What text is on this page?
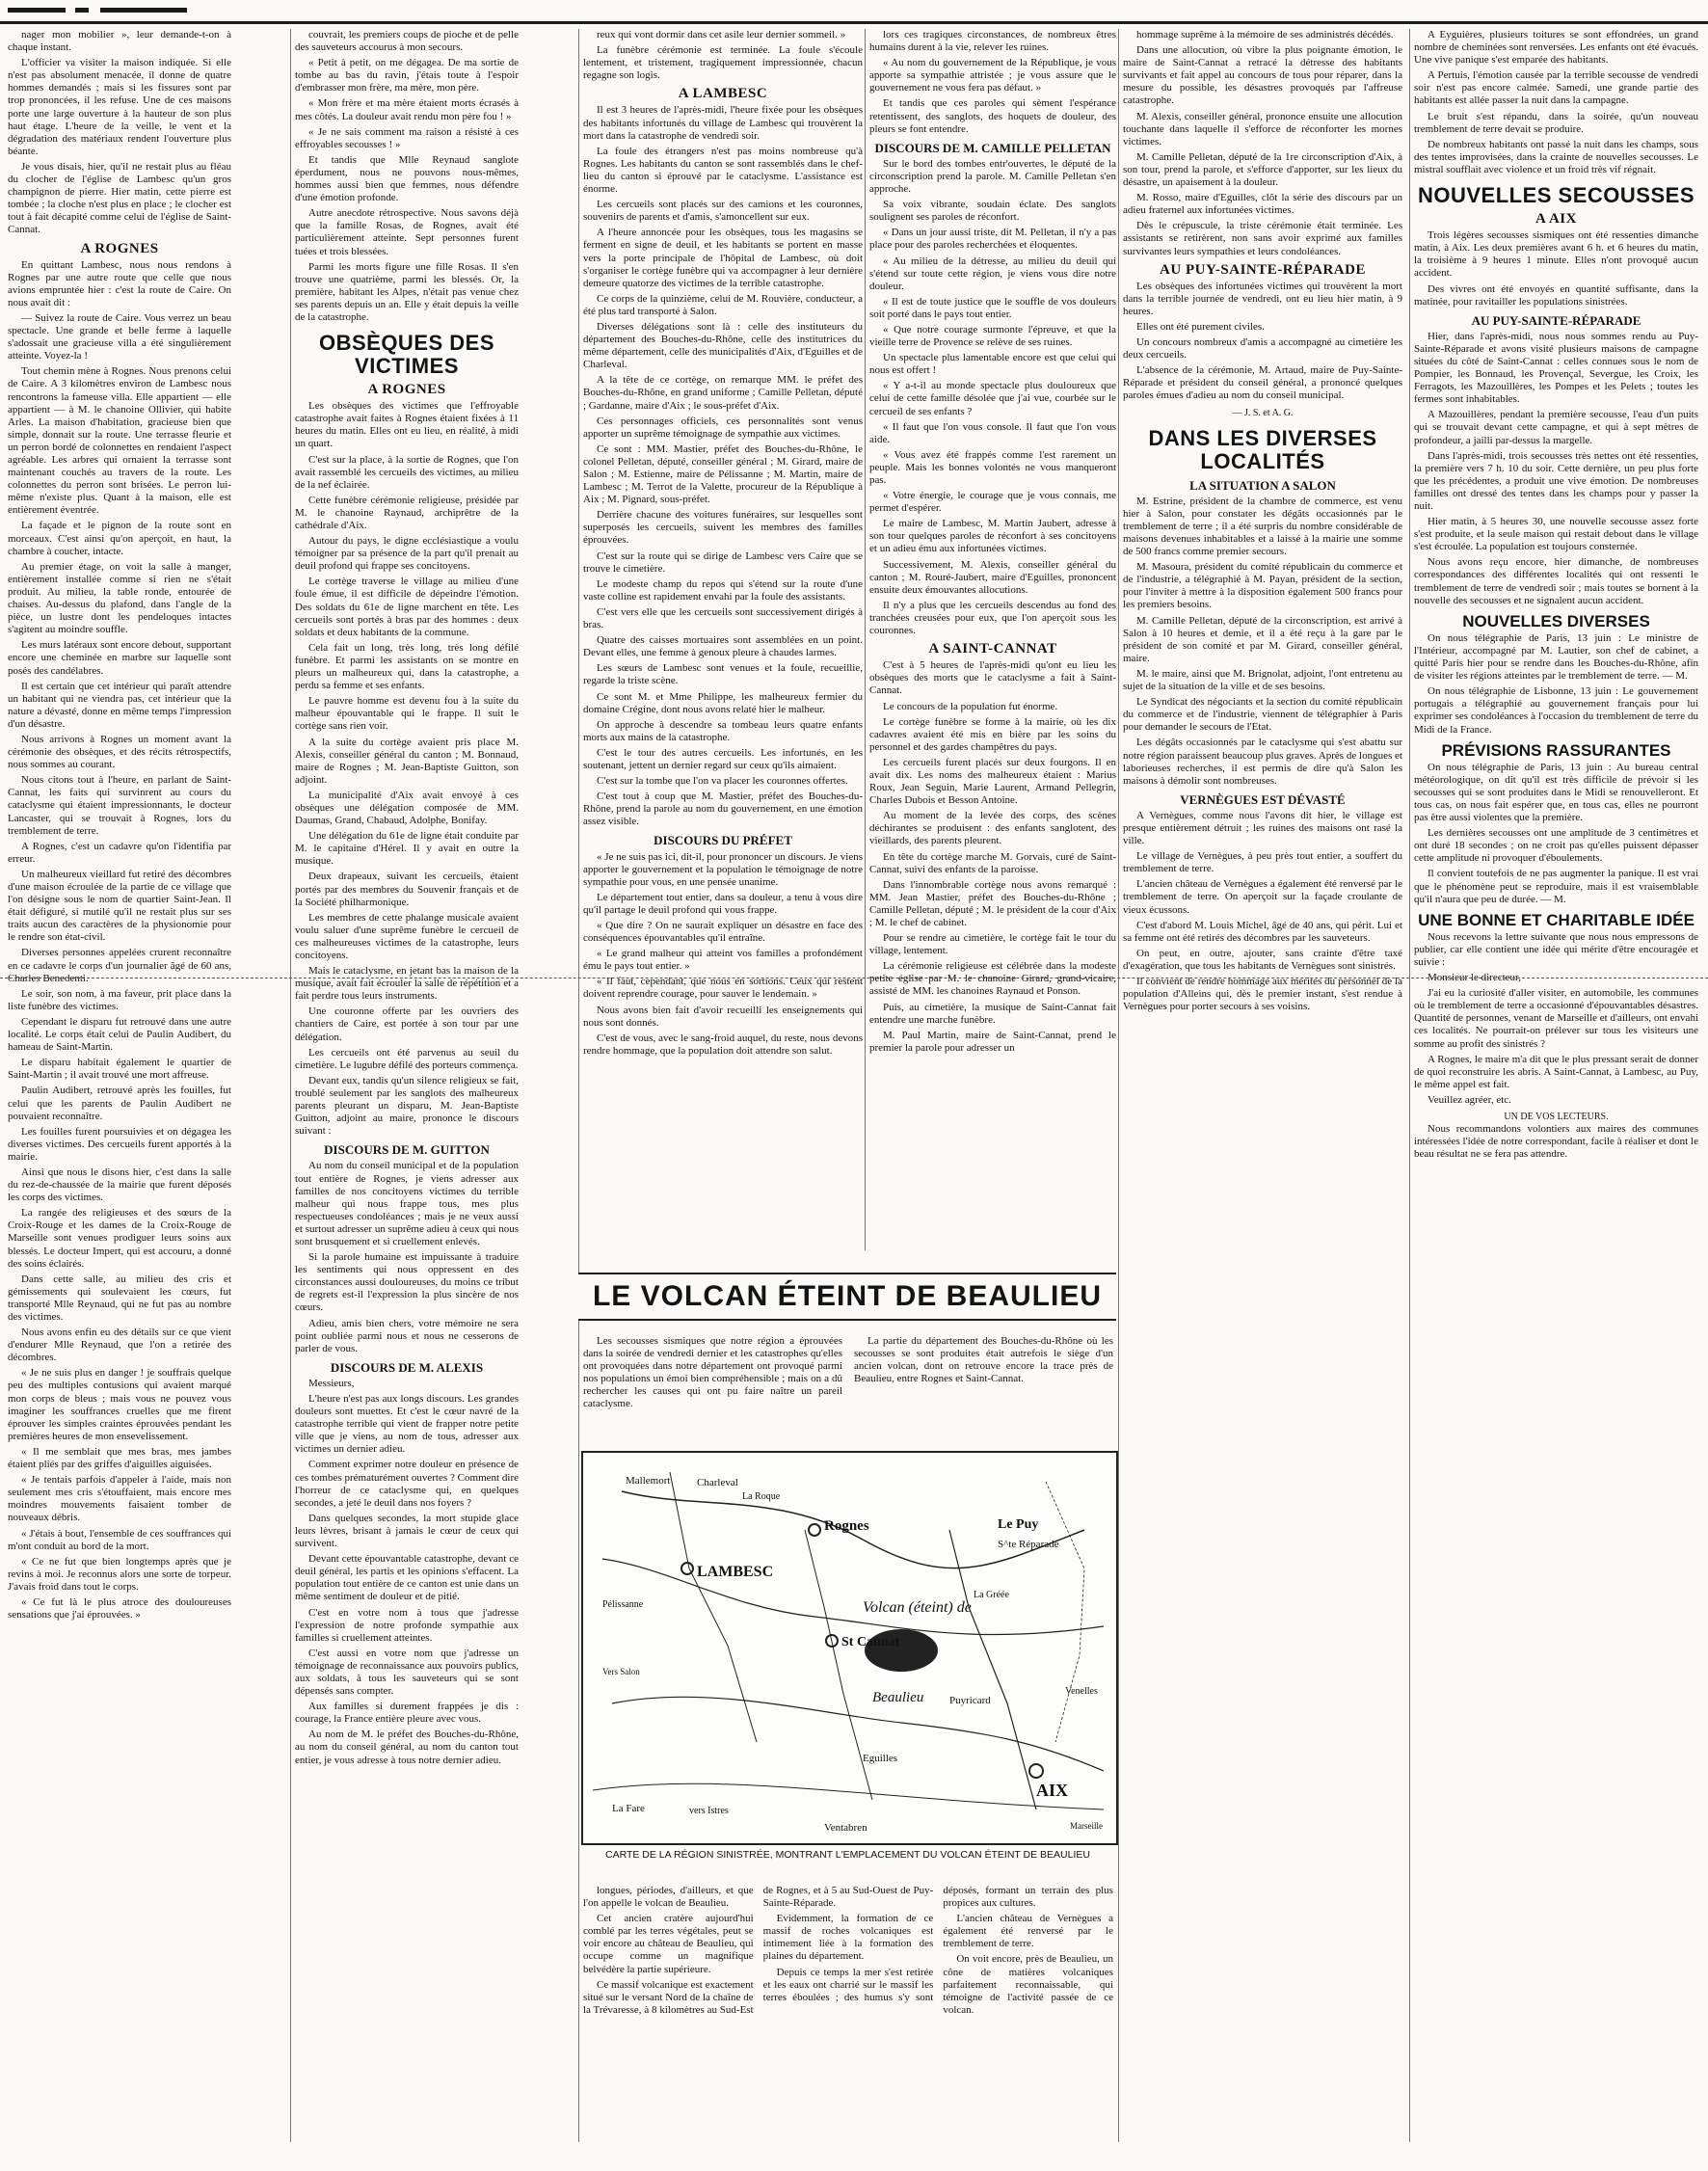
nager mon mobilier », leur demande-t-on à chaque instant.

L'officier va visiter la maison indiquée. Si elle n'est pas absolument menacée, il donne de quatre hommes demandés ; mais si les fissures sont par trop prononcées, il les refuse. Une de ces maisons porte une large ouverture à la hauteur de son plus haut étage. L'heure de la veille, le vent et la dégradation des matériaux rendent l'ouverture plus béante.

Je vous disais, hier, qu'il ne restait plus au fléau du clocher de l'église de Lambesc qu'un gros champignon de pierre. Hier matin, cette pierre est tombée ; la cloche n'est plus en place ; le clocher est tout à fait décapité comme celui de l'église de Saint-Cannat.

A ROGNES

En quittant Lambesc, nous nous rendons à Rognes par une autre route que celle que nous avions empruntée hier : c'est la route de Caire. On nous avait dit :

— Suivez la route de Caire. Vous verrez un beau spectacle. Une grande et belle ferme à laquelle s'adossait une gracieuse villa a été singulièrement atteinte. Voyez-la !

Tout chemin mène à Rognes. Nous prenons celui de Caire. A 3 kilomètres environ de Lambesc nous rencontrons la fameuse villa. Elle appartient — elle appartient — à M. le chanoine Ollivier, qui habite Arles. La maison d'habitation, gracieuse bien que simple, donnait sur la route. Une terrasse fleurie et un perron bordé de colonnettes en rendaient l'aspect agréable. Les arbres qui ornaient la terrasse sont maintenant couchés au travers de la route. Les colonnettes du perron sont brisées. Le perron lui-même n'existe plus. Quant à la maison, elle est entièrement éventrée.

La façade et le pignon de la route sont en morceaux. C'est ainsi qu'on aperçoit, en haut, la chambre à coucher, intacte.

Au premier étage, on voit la salle à manger, entièrement installée comme si rien ne s'était produit. Au milieu, la table ronde, entourée de chaises. Au-dessus du plafond, dans l'angle de la pièce, un lustre dont les pendeloques intactes s'agitent au moindre souffle.

Les murs latéraux sont encore debout, supportant encore une cheminée en marbre sur laquelle sont posés des candélabres.

Il est certain que cet intérieur qui paraît attendre un habitant qui ne viendra pas, cet intérieur que la nature a dévasté, donne en même temps l'impression d'un désastre.

Nous arrivons à Rognes un moment avant la cérémonie des obsèques, et des récits rétrospectifs, nous sommes au courant.

Nous citons tout à l'heure, en parlant de Saint-Cannat, les faits qui survinrent au cours du cataclysme qui étaient impressionnants, le docteur Lancaster, qui se trouvait à Rognes, lors du tremblement de terre.

A Rognes, c'est un cadavre qu'on l'identifia par erreur.

Un malheureux vieillard fut retiré des décombres d'une maison écroulée de la partie de ce village que l'on désigne sous le nom de quartier Saint-Jean. Il était défiguré, si mutilé qu'il ne restait plus sur ses traits aucun des caractères de la physionomie pour le rendre son état-civil.

Diverses personnes appelées crurent reconnaître en ce cadavre le corps d'un journalier âgé de 60 ans, Charles Benedenti.

Le soir, son nom, à ma faveur, prit place dans la liste funèbre des victimes.

Cependant le disparu fut retrouvé dans une autre localité. Le corps était celui de Paulin Audibert, du hameau de Saint-Martin.

Le disparu habitait également le quartier de Saint-Martin ; il avait trouvé une mort affreuse.

Paulin Audibert, retrouvé après les fouilles, fut celui que les parents de Paulin Audibert ne pouvaient reconnaître.

Les fouilles furent poursuivies et on dégagea les diverses victimes. Des cercueils furent apportés à la mairie.

Ainsi que nous le disons hier, c'est dans la salle du rez-de-chaussée de la mairie que furent déposés les corps des victimes.

La rangée des religieuses et des sœurs de la Croix-Rouge et les dames de la Croix-Rouge de Marseille sont venues prodiguer leurs soins aux blessés. Le docteur Impert, qui est accouru, a donné des soins éclairés.

Dans cette salle, au milieu des cris et gémissements qui soulevaient les cœurs, fut transporté Mlle Reynaud, qui ne fut pas au nombre des victimes.

Nous avons enfin eu des détails sur ce que vient d'endurer Mlle Reynaud, que l'on a retirée des décombres.

« Je ne suis plus en danger ! je souffrais quelque peu des multiples contusions qui avaient marqué mon corps de bleus ; mais vous ne pouvez vous imaginer les souffrances cruelles que me firent éprouver les simples craintes éprouvées pendant les premières heures de mon ensevelissement.

« Il me semblait que mes bras, mes jambes étaient pliés par des griffes d'aiguilles aiguisées.

« Je tentais parfois d'appeler à l'aide, mais non seulement mes cris s'étouffaient, mais encore mes moindres mouvements faisaient tomber de nouveaux débris.

« J'étais à bout, l'ensemble de ces souffrances qui m'ont conduit au bord de la mort.

« Ce ne fut que bien longtemps après que je revins à moi. Je reconnus alors une sorte de torpeur. J'avais froid dans tout le corps.

« Ce fut là le plus atroce des douloureuses sensations que j'ai éprouvées. »

couvrait, les premiers coups de pioche et de pelle des sauveteurs accourus à mon secours.

« Petit à petit, on me dégagea. De ma sortie de tombe au bas du ravin, j'étais toute à l'espoir d'embrasser mon frère, ma mère, mon père.

« Mon frère et ma mère étaient morts écrasés à mes côtés. La douleur avait rendu mon père fou ! »

« Je ne sais comment ma raison a résisté à ces effroyables secousses ! »

Et tandis que Mlle Reynaud sanglote éperdument, nous ne pouvons nous-mêmes, hommes aussi bien que femmes, nous défendre d'une émotion profonde.

Autre anecdote rétrospective. Nous savons déjà que la famille Rosas, de Rognes, avait été particulièrement atteinte. Sept personnes furent tuées et trois blessées.

Parmi les morts figure une fille Rosas. Il s'en trouve une quatrième, parmi les blessés. Or, la première, habitant les Alpes, n'était pas venue chez ses parents depuis un an. Elle y était depuis la veille de la catastrophe.

OBSÈQUES DES VICTIMES
A ROGNES

Les obsèques des victimes que l'effroyable catastrophe avait faites à Rognes étaient fixées à 11 heures du matin. Elles ont eu lieu, en réalité, à midi un quart.

C'est sur la place, à la sortie de Rognes, que l'on avait rassemblé les cercueils des victimes, au milieu de la nef éclairée.

Cette funèbre cérémonie religieuse, présidée par M. le chanoine Raynaud, archiprêtre de la cathédrale d'Aix.

Autour du pays, le digne ecclésiastique a voulu témoigner par sa présence de la part qu'il prenait au deuil profond qui frappe ses concitoyens.

Le cortège traverse le village au milieu d'une foule émue, il est difficile de dépeindre l'émotion. Des soldats du 61e de ligne marchent en tête. Les cercueils sont portés à bras par des hommes : deux soldats et deux habitants de la commune.

Cela fait un long, très long, très long défilé funèbre. Et parmi les assistants on se montre en pleurs un malheureux qui, dans la catastrophe, a perdu sa femme et ses enfants.

Le pauvre homme est devenu fou à la suite du malheur épouvantable qui le frappe. Il suit le cortège sans rien voir.

A la suite du cortège avaient pris place M. Alexis, conseiller général du canton ; M. Bonnaud, maire de Rognes ; M. Jean-Baptiste Guitton, son adjoint.

La municipalité d'Aix avait envoyé à ces obsèques une délégation composée de MM. Daumas, Grand, Chabaud, Adolphe, Bonifay.

Une délégation du 61e de ligne était conduite par M. le capitaine d'Hérel. Il y avait en outre la musique.

Deux drapeaux, suivant les cercueils, étaient portés par des membres du Souvenir français et de la Société philharmonique.

Les membres de cette phalange musicale avaient voulu saluer d'une suprême funèbre le cercueil de ces malheureuses victimes de la catastrophe, leurs concitoyens.

Mais le cataclysme, en jetant bas la maison de la musique, avait fait écrouler la salle de répétition et a fait perdre tous leurs instruments.

Une couronne offerte par les ouvriers des chantiers de Caire, est portée à son tour par une délégation.

Les cercueils ont été parvenus au seuil du cimetière. Le lugubre défilé des porteurs commença.

Devant eux, tandis qu'un silence religieux se fait, troublé seulement par les sanglots des malheureux parents pleurant un disparu, M. Jean-Baptiste Guitton, adjoint au maire, prononce le discours suivant :

DISCOURS DE M. GUITTON

Au nom du conseil municipal et de la population tout entière de Rognes, je viens adresser aux familles de nos concitoyens victimes du terrible malheur qui nous frappe tous, mes plus respectueuses condoléances ; mais je ne veux aussi et surtout adresser un suprême adieu à ceux qui nous sont brusquement et si cruellement enlevés.

Si la parole humaine est impuissante à traduire les sentiments qui nous oppressent en des circonstances aussi douloureuses, du moins ce tribut de regrets est-il l'expression la plus sincère de nos cœurs.

Adieu, amis bien chers, votre mémoire ne sera point oubliée parmi nous et nous ne cesserons de parler de vous.

DISCOURS DE M. ALEXIS

Messieurs,

L'heure n'est pas aux longs discours. Les grandes douleurs sont muettes. Et c'est le cœur navré de la catastrophe terrible qui vient de frapper notre petite ville que je viens, au nom de tous, adresser aux victimes un dernier adieu.

Comment exprimer notre douleur en présence de ces tombes prématurément ouvertes ? Comment dire l'horreur de ce cataclysme qui, en quelques secondes, a jeté le deuil dans nos foyers ?

Dans quelques secondes, la mort stupide glace leurs lèvres, brisant à jamais le cœur de ceux qui survivent.

Devant cette épouvantable catastrophe, devant ce deuil général, les partis et les opinions s'effacent. La population tout entière de ce canton est unie dans un même sentiment de douleur et de pitié.

C'est en votre nom à tous que j'adresse l'expression de notre profonde sympathie aux familles si cruellement atteintes.

C'est aussi en votre nom que j'adresse un témoignage de reconnaissance aux pouvoirs publics, aux soldats, à tous les sauveteurs qui se sont dépensés sans compter.

Aux familles si durement frappées je dis : courage, la France entière pleure avec vous.

Au nom de M. le préfet des Bouches-du-Rhône, au nom du conseil général, au nom du canton tout entier, je vous adresse à tous notre dernier adieu.

reux qui vont dormir dans cet asile leur dernier sommeil. »

La funèbre cérémonie est terminée. La foule s'écoule lentement, et tristement, tragiquement impressionnée, chacun regagne son logis.

A LAMBESC

Il est 3 heures de l'après-midi, l'heure fixée pour les obsèques des habitants infortunés du village de Lambesc qui trouvèrent la mort dans la catastrophe de vendredi soir.

La foule des étrangers n'est pas moins nombreuse qu'à Rognes. Les habitants du canton se sont rassemblés dans le chef-lieu du canton si éprouvé par le cataclysme. L'assistance est énorme.

Les cercueils sont placés sur des camions et les couronnes, souvenirs de parents et d'amis, s'amoncellent sur eux.

A l'heure annoncée pour les obsèques, tous les magasins se ferment en signe de deuil, et les habitants se portent en masse vers la porte principale de l'hôpital de Lambesc, où doit s'organiser le cortège funèbre qui va accompagner à leur dernière demeure quatorze des victimes de la terrible catastrophe.

Ce corps de la quinzième, celui de M. Rouvière, conducteur, a été plus tard transporté à Salon.

Diverses délégations sont là : celle des instituteurs du département des Bouches-du-Rhône, celle des institutrices du même département, celle des municipalités d'Aix, d'Eguilles et de Charleval.

A la tête de ce cortège, on remarque MM. le préfet des Bouches-du-Rhône, en grand uniforme ; Camille Pelletan, député ; Gardanne, maire d'Aix ; le sous-préfet d'Aix.

Ces personnages officiels, ces personnalités sont venus apporter un suprême témoignage de sympathie aux victimes.

Ce sont : MM. Mastier, préfet des Bouches-du-Rhône, le colonel Pelletan, député, conseiller général ; M. Girard, maire de Salon ; M. Estienne, maire de Pélissanne ; M. Martin, maire de Lambesc ; M. Terrot de la Valette, procureur de la République à Aix ; M. Pignard, sous-préfet.

Derrière chacune des voitures funéraires, sur lesquelles sont superposés les cercueils, suivent les membres des familles éprouvées.

C'est sur la route qui se dirige de Lambesc vers Caire que se trouve le cimetière.

Le modeste champ du repos qui s'étend sur la route d'une vaste colline est rapidement envahi par la foule des assistants.

C'est vers elle que les cercueils sont successivement dirigés à bras.

Quatre des caisses mortuaires sont assemblées en un point. Devant elles, une femme à genoux pleure à chaudes larmes.

Les sœurs de Lambesc sont venues et la foule, recueillie, regarde la triste scène.

Ce sont M. et Mme Philippe, les malheureux fermier du domaine Crégine, dont nous avons relaté hier le malheur.

On approche à descendre sa tombeau leurs quatre enfants morts aux mains de la catastrophe.

C'est le tour des autres cercueils. Les infortunés, en les soutenant, jettent un dernier regard sur ceux qu'ils aimaient.

C'est sur la tombe que l'on va placer les couronnes offertes.

C'est tout à coup que M. Mastier, préfet des Bouches-du-Rhône, prend la parole au nom du gouvernement, en une émotion assez visible.

DISCOURS DU PRÉFET

« Je ne suis pas ici, dit-il, pour prononcer un discours. Je viens apporter le gouvernement et la population le témoignage de notre sympathie pour vous, en une pensée unanime.

Le département tout entier, dans sa douleur, a tenu à vous dire qu'il partage le deuil profond qui vous frappe.

« Que dire ? On ne saurait expliquer un désastre en face des conséquences épouvantables qu'il entraîne.

« Le grand malheur qui atteint vos familles a profondément ému le pays tout entier. »

« Il faut, cependant, que nous en sortions. Ceux qui restent doivent reprendre courage, pour sauver le lendemain. »

Nous avons bien fait d'avoir recueilli les enseignements qui nous sont donnés.

C'est de vous, avec le sang-froid auquel, du reste, nous devons rendre hommage, que la population doit attendre son salut.

lors ces tragiques circonstances, de nombreux êtres humains durent à la vie, relever les ruines.

« Au nom du gouvernement de la République, je vous apporte sa sympathie attristée ; je vous assure que le gouvernement ne vous fera pas défaut. »

Et tandis que ces paroles qui sèment l'espérance retentissent, des sanglots, des hoquets de douleur, des pleurs se font entendre.

DISCOURS DE M. CAMILLE PELLETAN

Sur le bord des tombes entr'ouvertes, le député de la circonscription prend la parole. M. Camille Pelletan s'en approche.

Sa voix vibrante, soudain éclate. Des sanglots soulignent ses paroles de réconfort.

« Dans un jour aussi triste, dit M. Pelletan, il n'y a pas place pour des paroles recherchées et éloquentes.

« Au milieu de la détresse, au milieu du deuil qui s'étend sur toute cette région, je viens vous dire notre douleur.

« Il est de toute justice que le souffle de vos douleurs soit porté dans le pays tout entier.

« Que notre courage surmonte l'épreuve, et que la vieille terre de Provence se relève de ses ruines.

Un spectacle plus lamentable encore est que celui qui nous est offert !

« Y a-t-il au monde spectacle plus douloureux que celui de cette famille désolée que j'ai vue, courbée sur le cercueil de ses enfants ?

« Il faut que l'on vous console. Il faut que l'on vous aide.

« Vous avez été frappés comme l'est rarement un peuple. Mais les bonnes volontés ne vous manqueront pas.

« Votre énergie, le courage que je vous connais, me permet d'espérer.

Le maire de Lambesc, M. Martin Jaubert, adresse à son tour quelques paroles de réconfort à ses concitoyens et un adieu ému aux infortunées victimes.

Successivement, M. Alexis, conseiller général du canton ; M. Rouré-Jaubert, maire d'Eguilles, prononcent ensuite deux émouvantes allocutions.

Il n'y a plus que les cercueils descendus au fond des tranchées creusées pour eux, que l'on aperçoit sous les couronnes.

A SAINT-CANNAT

C'est à 5 heures de l'après-midi qu'ont eu lieu les obsèques des morts que le cataclysme a fait à Saint-Cannat.

Le concours de la population fut énorme.

Le cortège funèbre se forme à la mairie, où les dix cadavres avaient été mis en bière par les soins du personnel et des gardes champêtres du pays.

Les cercueils furent placés sur deux fourgons. Il en avait dix. Les noms des malheureux étaient : Marius Roux, Jean Seguin, Marie Laurent, Armand Pellegrin, Charles Dubois et Besson Antoine.

Au moment de la levée des corps, des scènes déchirantes se produisent : des enfants sanglotent, des vieillards, des parents pleurent.

En tête du cortège marche M. Gorvais, curé de Saint-Cannat, suivi des enfants de la paroisse.

Dans l'innombrable cortège nous avons remarqué : MM. Jean Mastier, préfet des Bouches-du-Rhône ; Camille Pelletan, député ; M. le président de la cour d'Aix ; M. le chef de cabinet.

Pour se rendre au cimetière, le cortège fait le tour du village, lentement.

La cérémonie religieuse est célébrée dans la modeste petite église par M. le chanoine Girard, grand-vicaire, assisté de MM. les chanoines Raynaud et Ponson.

Puis, au cimetière, la musique de Saint-Cannat fait entendre une marche funèbre.

M. Paul Martin, maire de Saint-Cannat, prend le premier la parole pour adresser un

hommage suprême à la mémoire de ses administrés décédés.

Dans une allocution, où vibre la plus poignante émotion, le maire de Saint-Cannat a retracé la détresse des habitants survivants et fait appel au concours de tous pour réparer, dans la mesure du possible, les désastres provoqués par l'affreuse catastrophe.

M. Alexis, conseiller général, prononce ensuite une allocution touchante dans laquelle il s'efforce de réconforter les mornes victimes.

M. Camille Pelletan, député de la 1re circonscription d'Aix, à son tour, prend la parole, et s'efforce d'apporter, sur les lieux du désastre, un apaisement à la douleur.

M. Rosso, maire d'Eguilles, clôt la série des discours par un adieu fraternel aux infortunées victimes.

Dès le crépuscule, la triste cérémonie était terminée. Les assistants se retirèrent, non sans avoir exprimé aux familles survivantes leurs sympathies et leurs condoléances.

AU PUY-SAINTE-RÉPARADE

Les obsèques des infortunées victimes qui trouvèrent la mort dans la terrible journée de vendredi, ont eu lieu hier matin, à 9 heures.

Elles ont été purement civiles.

Un concours nombreux d'amis a accompagné au cimetière les deux cercueils.

L'absence de la cérémonie, M. Artaud, maire de Puy-Sainte-Réparade et président du conseil général, a prononcé quelques paroles émues d'adieu au nom du conseil municipal.

— J. S. et A. G.
DANS LES DIVERSES LOCALITÉS
LA SITUATION A SALON

M. Estrine, président de la chambre de commerce, est venu hier à Salon, pour constater les dégâts occasionnés par le tremblement de terre ; il a été surpris du nombre considérable de maisons devenues inhabitables et a laissé à la mairie une somme de 500 francs comme premier secours.

M. Masoura, président du comité républicain du commerce et de l'industrie, a télégraphié à M. Payan, président de la section, pour l'inviter à mettre à la disposition également 500 francs pour les premiers besoins.

M. Camille Pelletan, député de la circonscription, est arrivé à Salon à 10 heures et demie, et il a été reçu à la gare par le président de son comité et par M. Girard, conseiller général, maire.

M. le maire, ainsi que M. Brignolat, adjoint, l'ont entretenu au sujet de la situation de la ville et de ses besoins.

Le Syndicat des négociants et la section du comité républicain du commerce et de l'industrie, viennent de télégraphier à Paris pour demander le secours de l'Etat.

Les dégâts occasionnés par le cataclysme qui s'est abattu sur notre région paraissent beaucoup plus graves. Après de longues et laborieuses recherches, il est permis de dire qu'à Salon les maisons à démolir sont nombreuses.

VERNÈGUES EST DÉVASTÉ

A Vernègues, comme nous l'avons dit hier, le village est presque entièrement détruit ; les ruines des maisons ont rasé la ville.

Le village de Vernègues, à peu près tout entier, a souffert du tremblement de terre.

L'ancien château de Vernègues a également été renversé par le tremblement de terre. On aperçoit sur la façade croulante de vieux écussons.

C'est d'abord M. Louis Michel, âgé de 40 ans, qui périt. Lui et sa femme ont été retirés des décombres par les sauveteurs.

On peut, en outre, ajouter, sans crainte d'être taxé d'exagération, que tous les habitants de Vernègues sont sinistrés.

Il convient de rendre hommage aux mérites du personnel de la population d'Alleins qui, dès le premier instant, s'est rendue à Vernègues pour porter secours à ses voisins.

A Eyguières, plusieurs toitures se sont effondrées, un grand nombre de cheminées sont renversées. Les enfants ont été évacués. Une vive panique s'est emparée des habitants.

A Pertuis, l'émotion causée par la terrible secousse de vendredi soir n'est pas encore calmée. Samedi, une grande partie des habitants est allée passer la nuit dans la campagne.

Le bruit s'est répandu, dans la soirée, qu'un nouveau tremblement de terre devait se produire.

De nombreux habitants ont passé la nuit dans les champs, sous des tentes improvisées, dans la crainte de nouvelles secousses. Le mistral soufflait avec violence et un froid très vif régnait.

NOUVELLES SECOUSSES
A AIX

Trois légères secousses sismiques ont été ressenties dimanche matin, à Aix. Les deux premières avant 6 h. et 6 heures du matin, la troisième à 9 heures 1 minute. Elles n'ont provoqué aucun accident.

Des vivres ont été envoyés en quantité suffisante, dans la matinée, pour ravitailler les populations sinistrées.

AU PUY-SAINTE-RÉPARADE

Hier, dans l'après-midi, nous nous sommes rendu au Puy-Sainte-Réparade et avons visité plusieurs maisons de campagne situées du côté de Saint-Cannat : celles connues sous le nom de Pompier, les Bonnaud, les Provençal, Severgue, les Croix, les Ferragots, les Mazouillères, les Pompes et les Pelets ; toutes les fermes sont inhabitables.

A Mazouillères, pendant la première secousse, l'eau d'un puits qui se trouvait devant cette campagne, et qui à sept mètres de profondeur, a jailli par-dessus la margelle.

Dans l'après-midi, trois secousses très nettes ont été ressenties, la première vers 7 h. 10 du soir. Cette dernière, un peu plus forte que les précédentes, a produit une vive émotion. De nombreuses familles ont dressé des tentes dans les champs pour y passer la nuit.

Hier matin, à 5 heures 30, une nouvelle secousse assez forte s'est produite, et la seule maison qui restait debout dans le village s'est écroulée. La population est toujours consternée.

Nous avons reçu encore, hier dimanche, de nombreuses correspondances des différentes localités qui ont ressenti le tremblement de terre de vendredi soir ; mais toutes se bornent à la nouvelle des secousses et ne signalent aucun accident.

NOUVELLES DIVERSES

On nous télégraphie de Paris, 13 juin : Le ministre de l'Intérieur, accompagné par M. Lautier, son chef de cabinet, a quitté Paris hier pour se rendre dans les Bouches-du-Rhône, afin de visiter les régions atteintes par le tremblement de terre. — M.

On nous télégraphie de Lisbonne, 13 juin : Le gouvernement portugais a télégraphié au gouvernement français pour lui exprimer ses condoléances à l'occasion du tremblement de terre du Midi de la France.

PRÉVISIONS RASSURANTES

On nous télégraphie de Paris, 13 juin : Au bureau central météorologique, on dit qu'il est très difficile de prévoir si les secousses qui se sont produites dans le Midi se renouvelleront. Et tous cas, on nous fait espérer que, en tous cas, elles ne pourront pas être aussi violentes que la première.

Les dernières secousses ont une amplitude de 3 centimètres et ont duré 18 secondes ; on ne croit pas qu'elles puissent dépasser cette amplitude ni provoquer d'éboulements.

Il convient toutefois de ne pas augmenter la panique. Il est vrai que le phénomène peut se reproduire, mais il est vraisemblable qu'il n'aura que peu de durée. — M.

UNE BONNE ET CHARITABLE IDÉE

Nous recevons la lettre suivante que nous nous empressons de publier, car elle contient une idée qui mérite d'être encouragée et suivie :

Monsieur le directeur,

J'ai eu la curiosité d'aller visiter, en automobile, les communes où le tremblement de terre a occasionné d'épouvantables désastres. Quantité de personnes, venant de Marseille et d'ailleurs, ont envahi ces localités. Ne pourrait-on prélever sur tous les visiteurs une somme au profit des sinistrés ?

A Rognes, le maire m'a dit que le plus pressant serait de donner de quoi reconstruire les abris. A Saint-Cannat, à Lambesc, au Puy, le même appel est fait.

Veuillez agréer, etc.

UN DE VOS LECTEURS.

Nous recommandons volontiers aux maires des communes intéressées l'idée de notre correspondant, facile à réaliser et dont le beau résultat ne se fera pas attendre.

LE VOLCAN ÉTEINT DE BEAULIEU

Les secousses sismiques que notre région a éprouvées dans la soirée de vendredi dernier et les catastrophes qu'elles ont provoquées dans notre département ont provoqué parmi nos populations un émoi bien compréhensible ; mais on a dû rechercher les causes qui ont pu faire naître un pareil cataclysme.

La partie du département des Bouches-du-Rhône où les secousses se sont produites était autrefois le siège d'un ancien volcan, dont on retrouve encore la trace près de Beaulieu, entre Rognes et Saint-Cannat.

Mallemort	Charleval
La Roque
Rognes	Le Puy
S^te Réparade
LAMBESC
Volcan (éteint) de
St Cannat
Beaulieu
AIX
Venelles
Puyricard
Eguilles
La Fare	vers Istres
Ventabren	Marseille
La Gréée
Vers Salon
Pélissanne
CARTE DE LA RÉGION SINISTRÉE, MONTRANT L'EMPLACEMENT DU VOLCAN ÉTEINT DE BEAULIEU

longues, périodes, d'ailleurs, et que l'on appelle le volcan de Beaulieu.

Cet ancien cratère aujourd'hui comblé par les terres végétales, peut se voir encore au château de Beaulieu, qui occupe comme un magnifique belvédère la partie supérieure.

Ce massif volcanique est exactement situé sur le versant Nord de la chaîne de la Trévaresse, à 8 kilomètres au Sud-Est de Rognes, et à 5 au Sud-Ouest de Puy-Sainte-Réparade.

Evidemment, la formation de ce massif de roches volcaniques est intimement liée à la formation des plaines du département.

Depuis ce temps la mer s'est retirée et les eaux ont charrié sur le massif les terres éboulées ; des humus s'y sont déposés, formant un terrain des plus propices aux cultures.

L'ancien château de Vernègues a également été renversé par le tremblement de terre.

On voit encore, près de Beaulieu, un cône de matières volcaniques parfaitement reconnaissable, qui témoigne de l'activité passée de ce volcan.
